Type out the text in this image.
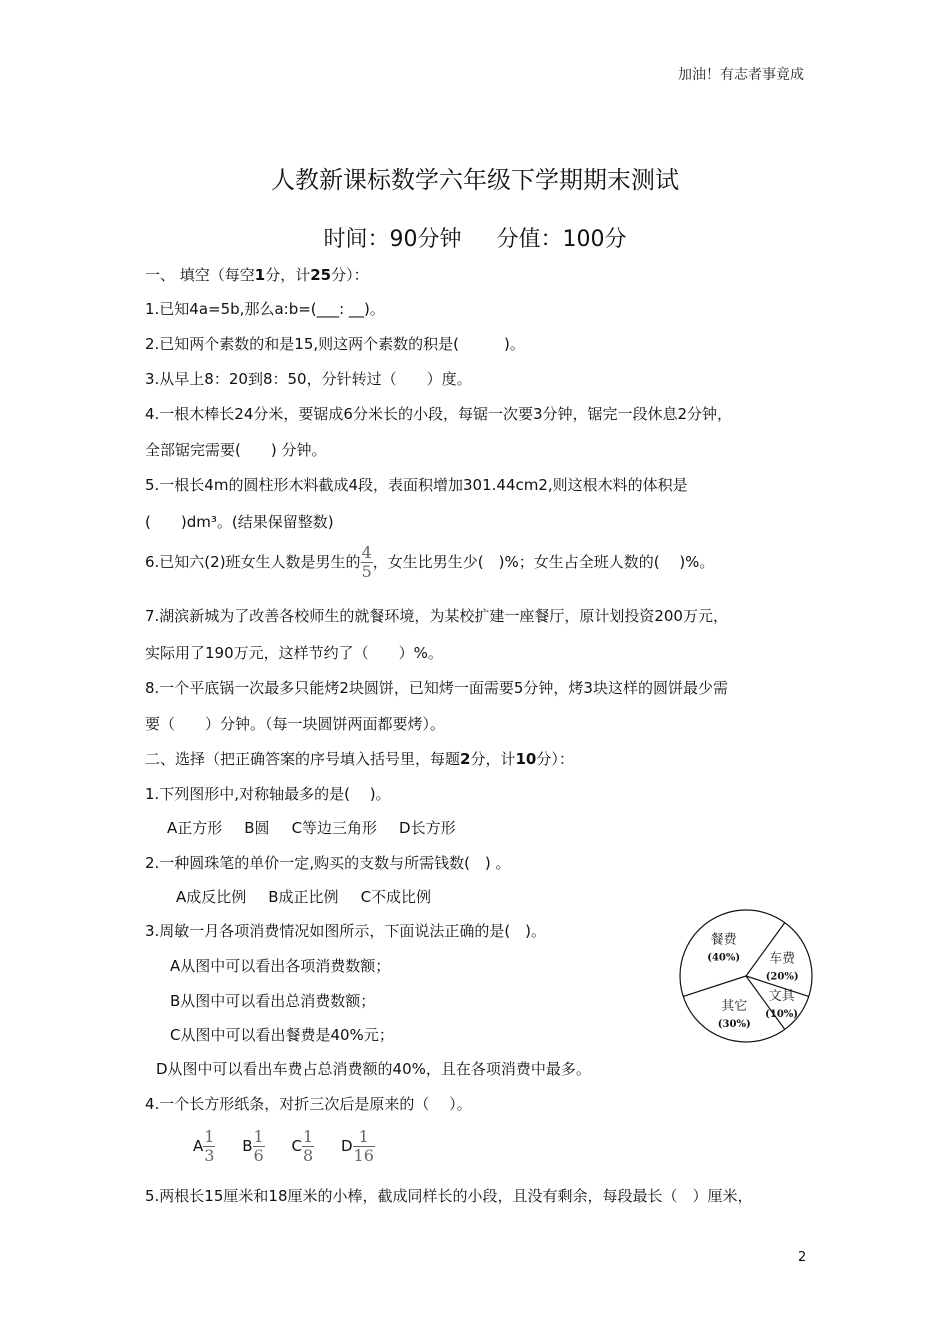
加油！有志者事竟成
人教新课标数学六年级下学期期末测试
时间：90分钟 分值：100分
一、 填空（每空1分，计25分）：
1.已知4a=5b,那么a:b=(___: __)。
2.已知两个素数的和是15,则这两个素数的积是(　　　)。
3.从早上8：20到8：50，分针转过（　　）度。
4.一根木棒长24分米，要锯成6分米长的小段，每锯一次要3分钟，锯完一段休息2分钟，
全部锯完需要(　　) 分钟。
5.一根长4m的圆柱形木料截成4段，表面积增加301.44cm2,则这根木料的体积是
(　　)dm³。(结果保留整数)
6.已知六(2)班女生人数是男生的 $\frac{4}{5}$ ，女生比男生少(　)%；女生占全班人数的(　 )%。
7.湖滨新城为了改善各校师生的就餐环境，为某校扩建一座餐厅，原计划投资200万元，
实际用了190万元，这样节约了（　　）%。
8.一个平底锅一次最多只能烤2块圆饼，已知烤一面需要5分钟，烤3块这样的圆饼最少需
要（　　）分钟。（每一块圆饼两面都要烤）。
二、选择（把正确答案的序号填入括号里，每题2分，计10分）：
1.下列图形中,对称轴最多的是(　 )。
A正方形 B圆 C等边三角形 D长方形
2.一种圆珠笔的单价一定,购买的支数与所需钱数(　) 。
A成反比例 B成正比例 C不成比例
3.周敏一月各项消费情况如图所示，下面说法正确的是(　)。
A从图中可以看出各项消费数额；
B从图中可以看出总消费数额；
C从图中可以看出餐费是40%元；
D从图中可以看出车费占总消费额的40%，且在各项消费中最多。
4.一个长方形纸条，对折三次后是原来的（　 ）。
A $\frac{1}{3}$ B $\frac{1}{6}$ C $\frac{1}{8}$ D $\frac{1}{16}$
5.两根长15厘米和18厘米的小棒，截成同样长的小段，且没有剩余，每段最长（　）厘米，
餐费
(40%) 车费
(20%)
文具
(10%)
其它
(30%)
2
